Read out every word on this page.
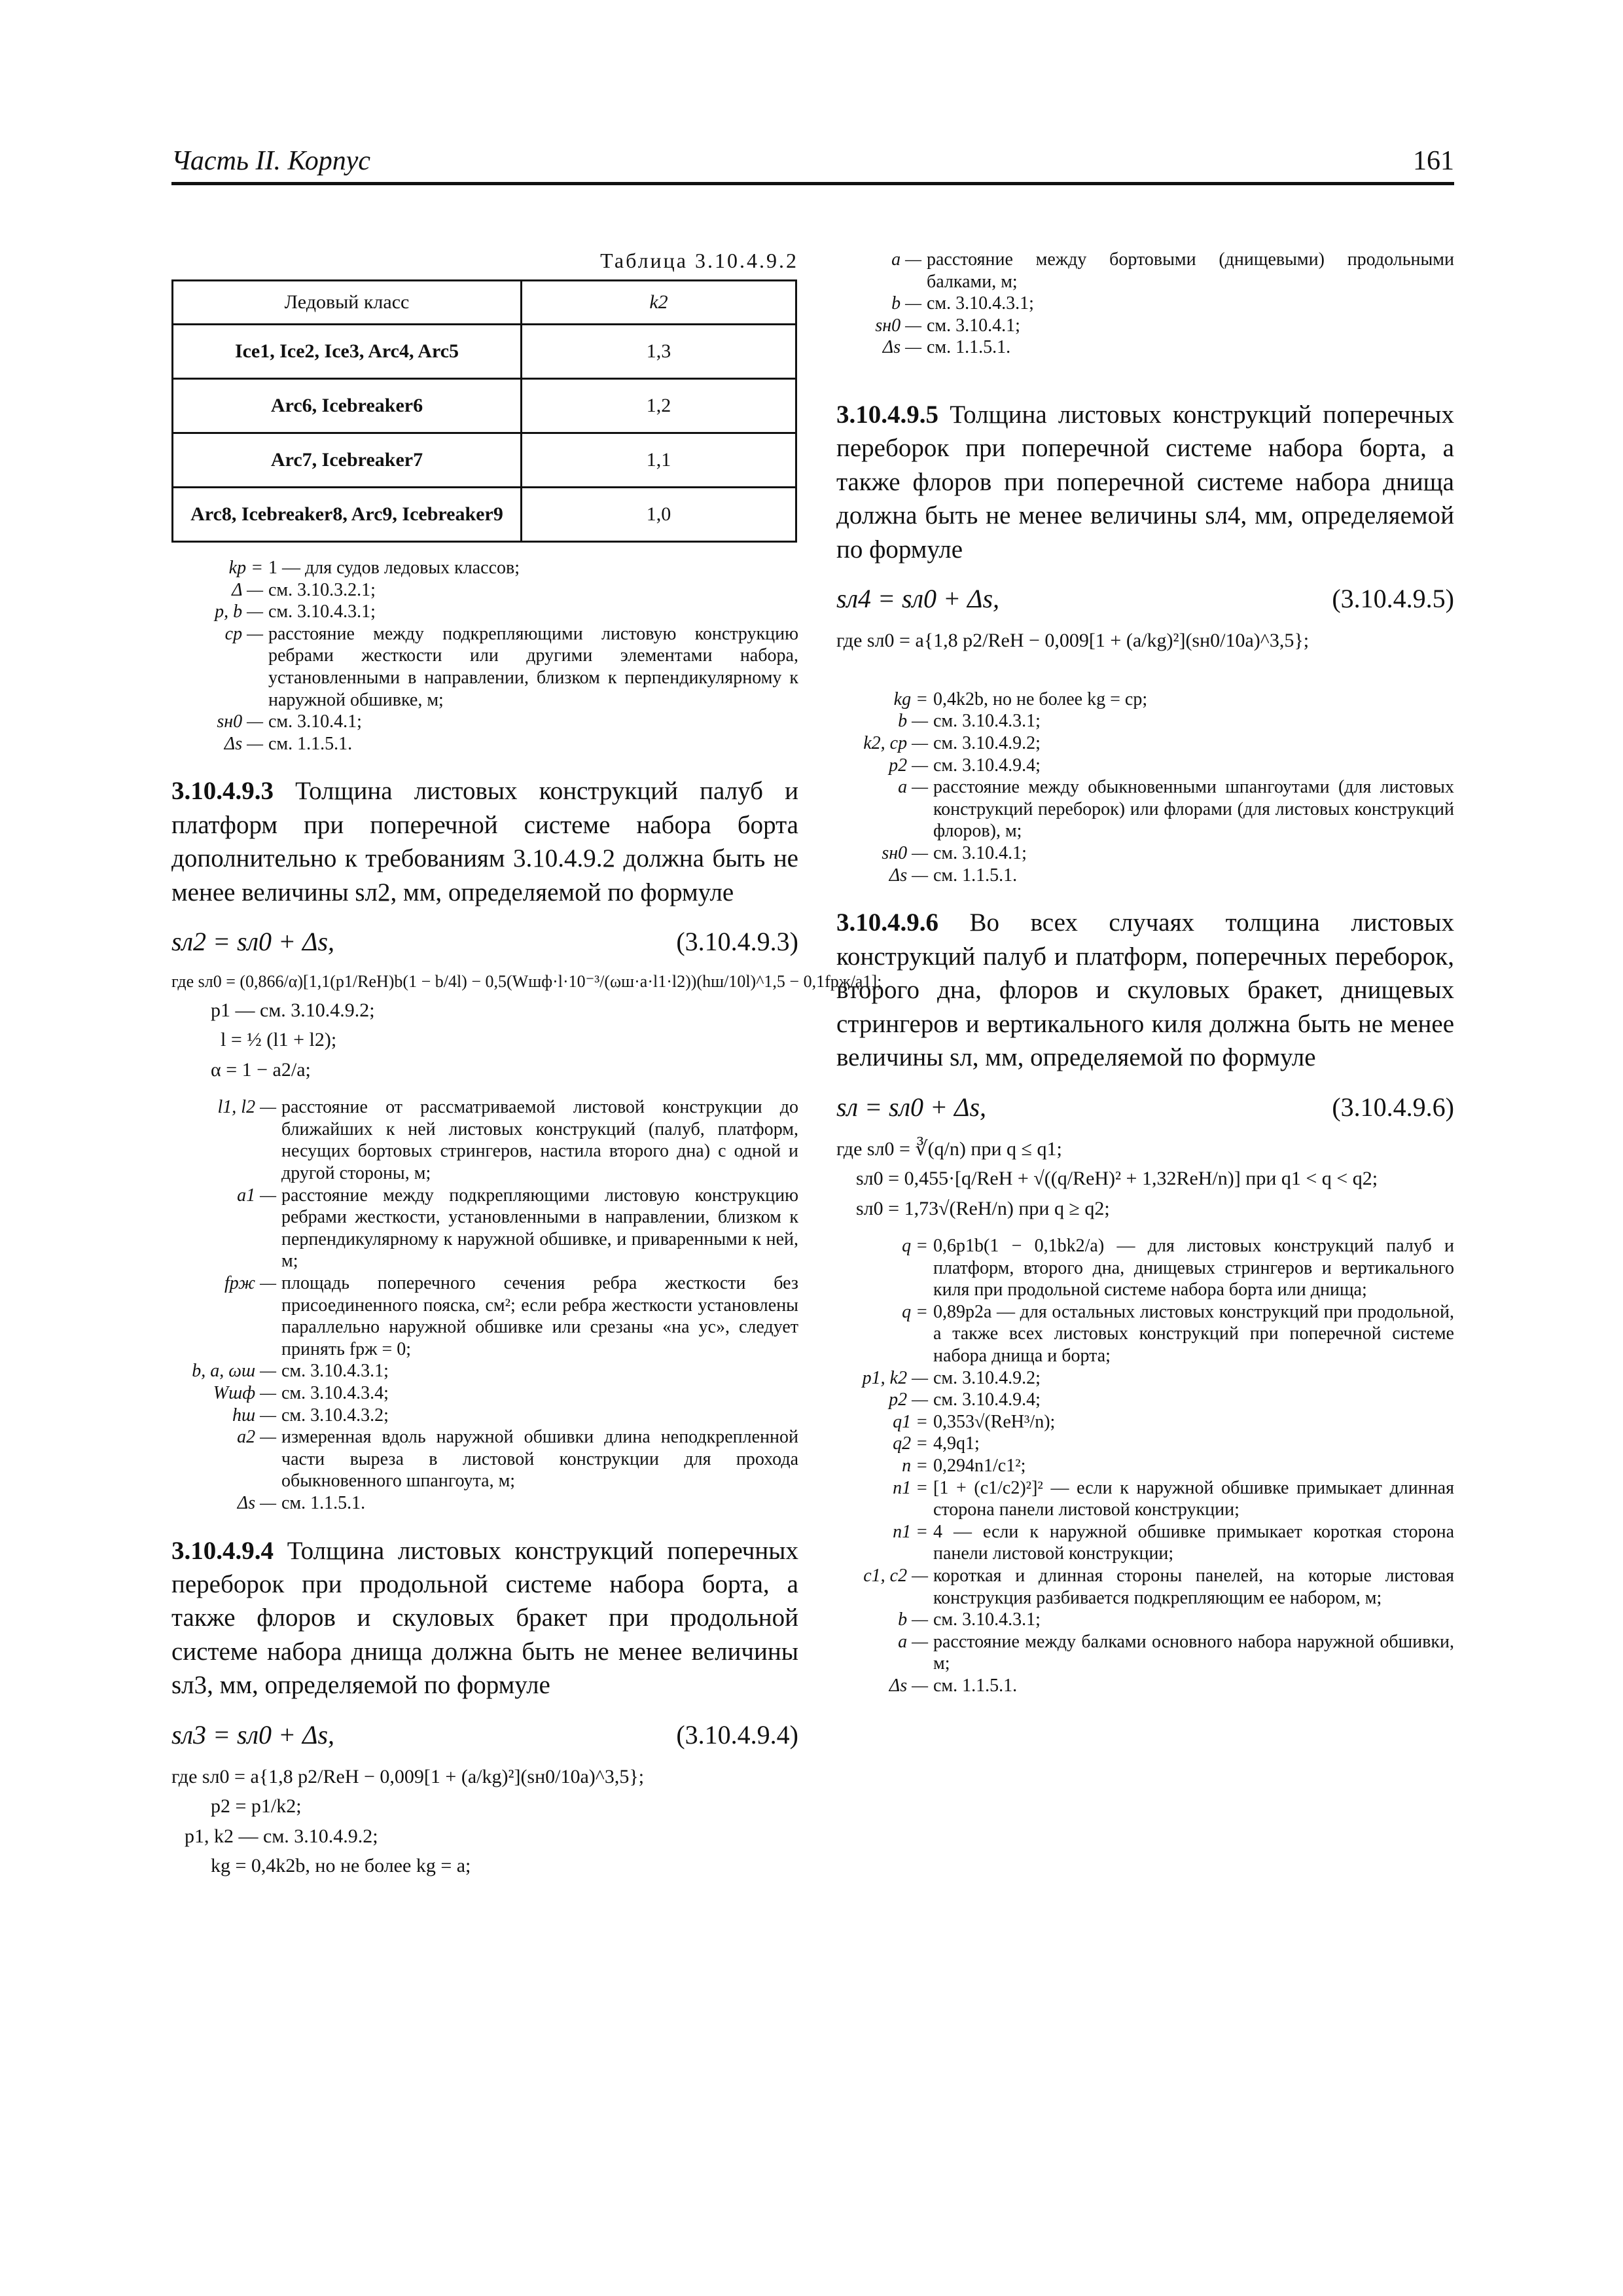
Часть II. Корпус	161
Таблица 3.10.4.9.2
Ледовый класс	k2
Ice1, Ice2, Ice3, Arc4, Arc5	1,3
Arc6, Icebreaker6	1,2
Arc7, Icebreaker7	1,1
Arc8, Icebreaker8, Arc9, Icebreaker9	1,0
kp = 1 — для судов ледовых классов;
Δ — см. 3.10.3.2.1;
p, b — см. 3.10.4.3.1;
cp — расстояние между подкрепляющими листовую конструкцию ребрами жесткости или другими элементами набора, установленными в направлении, близком к перпендикулярному к наружной обшивке, м;
sн0 — см. 3.10.4.1;
Δs — см. 1.1.5.1.

3.10.4.9.3 Толщина листовых конструкций палуб и платформ при поперечной системе набора борта дополнительно к требованиям 3.10.4.9.2 должна быть не менее величины sл2, мм, определяемой по формуле

sл2 = sл0 + Δs,	(3.10.4.9.3)
где sл0 = (0,866/α)[1,1(p1/ReH)b(1 − b/4l) − 0,5(Wшф·l·10⁻³/(ωш·a·l1·l2))(hш/10l)^1,5 − 0,1fрж/a1];
p1 — см. 3.10.4.9.2;
l = ½ (l1 + l2);
α = 1 − a2/a;
l1, l2 — расстояние от рассматриваемой листовой конструкции до ближайших к ней листовых конструкций (палуб, платформ, несущих бортовых стрингеров, настила второго дна) с одной и другой стороны, м;
a1 — расстояние между подкрепляющими листовую конструкцию ребрами жесткости, установленными в направлении, близком к перпендикулярному к наружной обшивке, и приваренными к ней, м;
fрж — площадь поперечного сечения ребра жесткости без присоединенного пояска, см²; если ребра жесткости установлены параллельно наружной обшивке или срезаны «на ус», следует принять fрж = 0;
b, a, ωш — см. 3.10.4.3.1;
Wшф — см. 3.10.4.3.4;
hш — см. 3.10.4.3.2;
a2 — измеренная вдоль наружной обшивки длина неподкрепленной части выреза в листовой конструкции для прохода обыкновенного шпангоута, м;
Δs — см. 1.1.5.1.

3.10.4.9.4 Толщина листовых конструкций поперечных переборок при продольной системе набора борта, а также флоров и скуловых бракет при продольной системе набора днища должна быть не менее величины sл3, мм, определяемой по формуле

sл3 = sл0 + Δs,	(3.10.4.9.4)
где sл0 = a{1,8 p2/ReH − 0,009[1 + (a/kg)²](sн0/10a)^3,5};
p2 = p1/k2;
p1, k2 — см. 3.10.4.9.2;
kg = 0,4k2b, но не более kg = a;
a — расстояние между бортовыми (днищевыми) продольными балками, м;
b — см. 3.10.4.3.1;
sн0 — см. 3.10.4.1;
Δs — см. 1.1.5.1.

3.10.4.9.5 Толщина листовых конструкций поперечных переборок при поперечной системе набора борта, а также флоров при поперечной системе набора днища должна быть не менее величины sл4, мм, определяемой по формуле

sл4 = sл0 + Δs,	(3.10.4.9.5)
где sл0 = a{1,8 p2/ReH − 0,009[1 + (a/kg)²](sн0/10a)^3,5};
kg = 0,4k2b, но не более kg = cp;
b — см. 3.10.4.3.1;
k2, cp — см. 3.10.4.9.2;
p2 — см. 3.10.4.9.4;
a — расстояние между обыкновенными шпангоутами (для листовых конструкций переборок) или флорами (для листовых конструкций флоров), м;
sн0 — см. 3.10.4.1;
Δs — см. 1.1.5.1.

3.10.4.9.6 Во всех случаях толщина листовых конструкций палуб и платформ, поперечных переборок, второго дна, флоров и скуловых бракет, днищевых стрингеров и вертикального киля должна быть не менее величины sл, мм, определяемой по формуле

sл = sл0 + Δs,	(3.10.4.9.6)
где sл0 = ∛(q/n) при q ≤ q1;
sл0 = 0,455·[q/ReH + √((q/ReH)² + 1,32ReH/n)] при q1 < q < q2;
sл0 = 1,73√(ReH/n) при q ≥ q2;
q = 0,6p1b(1 − 0,1bk2/a) — для листовых конструкций палуб и платформ, второго дна, днищевых стрингеров и вертикального киля при продольной системе набора борта или днища;
q = 0,89p2a — для остальных листовых конструкций при продольной, а также всех листовых конструкций при поперечной системе набора днища и борта;
p1, k2 — см. 3.10.4.9.2;
p2 — см. 3.10.4.9.4;
q1 = 0,353√(ReH³/n);
q2 = 4,9q1;
n = 0,294n1/c1²;
n1 = [1 + (c1/c2)²]² — если к наружной обшивке примыкает длинная сторона панели листовой конструкции;
n1 = 4 — если к наружной обшивке примыкает короткая сторона панели листовой конструкции;
c1, c2 — короткая и длинная стороны панелей, на которые листовая конструкция разбивается подкрепляющим ее набором, м;
b — см. 3.10.4.3.1;
a — расстояние между балками основного набора наружной обшивки, м;
Δs — см. 1.1.5.1.
